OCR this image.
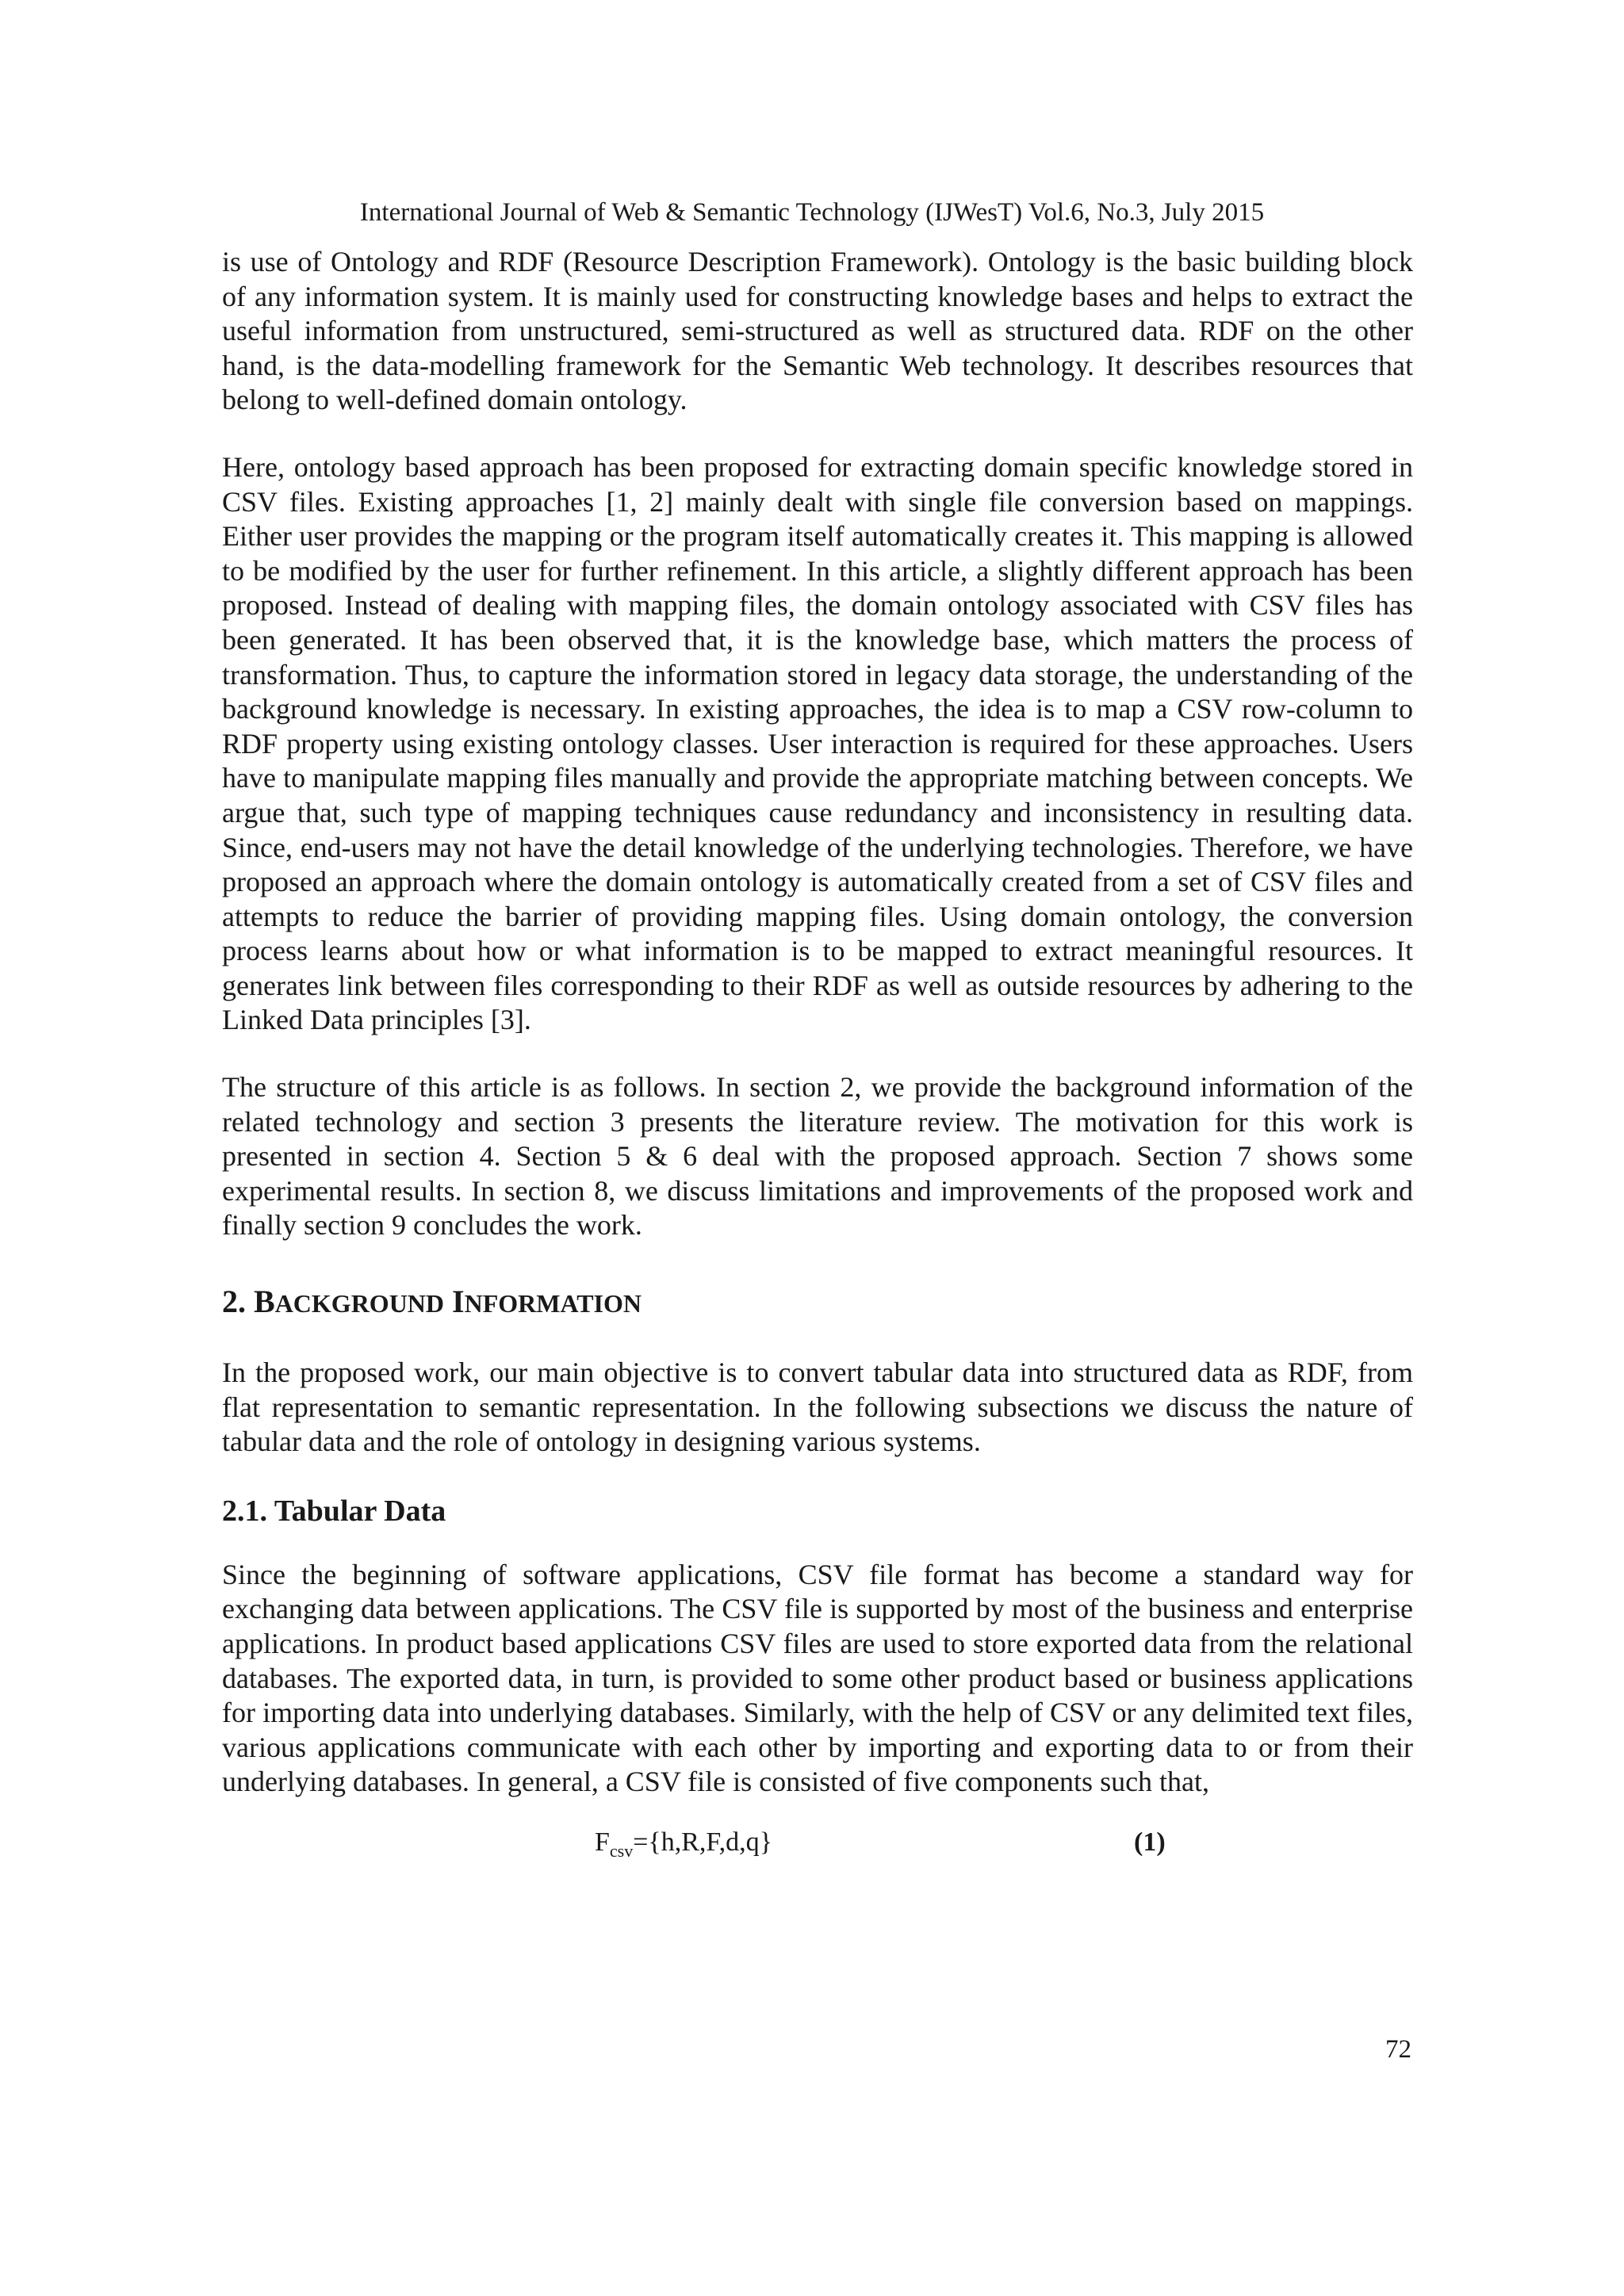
International Journal of Web & Semantic Technology (IJWesT) Vol.6, No.3, July 2015

is use of Ontology and RDF (Resource Description Framework). Ontology is the basic building block of any information system. It is mainly used for constructing knowledge bases and helps to extract the useful information from unstructured, semi-structured as well as structured data. RDF on the other hand, is the data-modelling framework for the Semantic Web technology. It describes resources that belong to well-defined domain ontology.

Here, ontology based approach has been proposed for extracting domain specific knowledge stored in CSV files. Existing approaches [1, 2] mainly dealt with single file conversion based on mappings. Either user provides the mapping or the program itself automatically creates it. This mapping is allowed to be modified by the user for further refinement. In this article, a slightly different approach has been proposed. Instead of dealing with mapping files, the domain ontology associated with CSV files has been generated. It has been observed that, it is the knowledge base, which matters the process of transformation. Thus, to capture the information stored in legacy data storage, the understanding of the background knowledge is necessary. In existing approaches, the idea is to map a CSV row-column to RDF property using existing ontology classes. User interaction is required for these approaches. Users have to manipulate mapping files manually and provide the appropriate matching between concepts. We argue that, such type of mapping techniques cause redundancy and inconsistency in resulting data. Since, end-users may not have the detail knowledge of the underlying technologies. Therefore, we have proposed an approach where the domain ontology is automatically created from a set of CSV files and attempts to reduce the barrier of providing mapping files. Using domain ontology, the conversion process learns about how or what information is to be mapped to extract meaningful resources. It generates link between files corresponding to their RDF as well as outside resources by adhering to the Linked Data principles [3].

The structure of this article is as follows. In section 2, we provide the background information of the related technology and section 3 presents the literature review. The motivation for this work is presented in section 4. Section 5 & 6 deal with the proposed approach. Section 7 shows some experimental results. In section 8, we discuss limitations and improvements of the proposed work and finally section 9 concludes the work.

2. BACKGROUND INFORMATION

In the proposed work, our main objective is to convert tabular data into structured data as RDF, from flat representation to semantic representation. In the following subsections we discuss the nature of tabular data and the role of ontology in designing various systems.

2.1. Tabular Data

Since the beginning of software applications, CSV file format has become a standard way for exchanging data between applications. The CSV file is supported by most of the business and enterprise applications. In product based applications CSV files are used to store exported data from the relational databases. The exported data, in turn, is provided to some other product based or business applications for importing data into underlying databases. Similarly, with the help of CSV or any delimited text files, various applications communicate with each other by importing and exporting data to or from their underlying databases. In general, a CSV file is consisted of five components such that,

$F_{csv}=\{h,R,F,d,q\}$	(1)
72
